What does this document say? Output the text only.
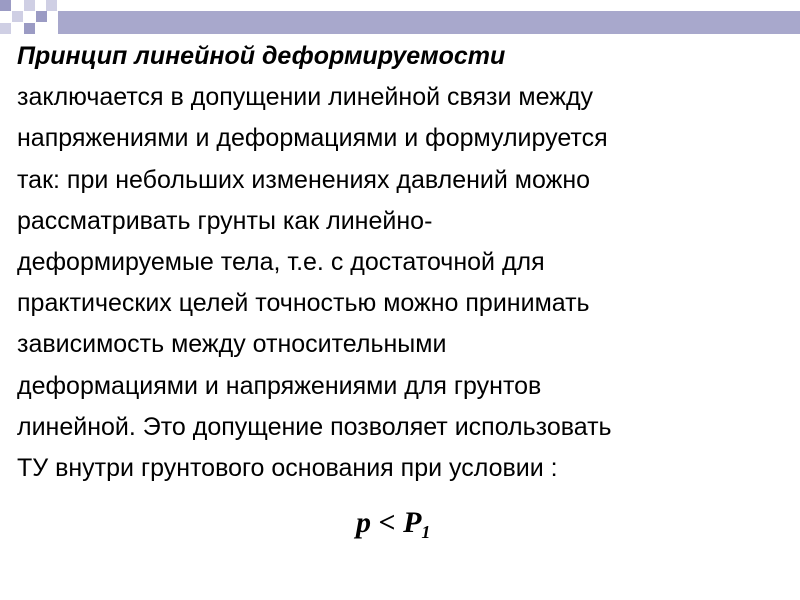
Принцип линейной деформируемости
заключается в допущении линейной связи между
напряжениями и деформациями и формулируется
так: при небольших изменениях давлений можно
рассматривать грунты как линейно-
деформируемые тела, т.е. с достаточной для
практических целей точностью можно принимать
зависимость между относительными
деформациями и напряжениями для грунтов
линейной. Это допущение позволяет использовать
ТУ внутри грунтового основания при условии :
$p < P_1$
